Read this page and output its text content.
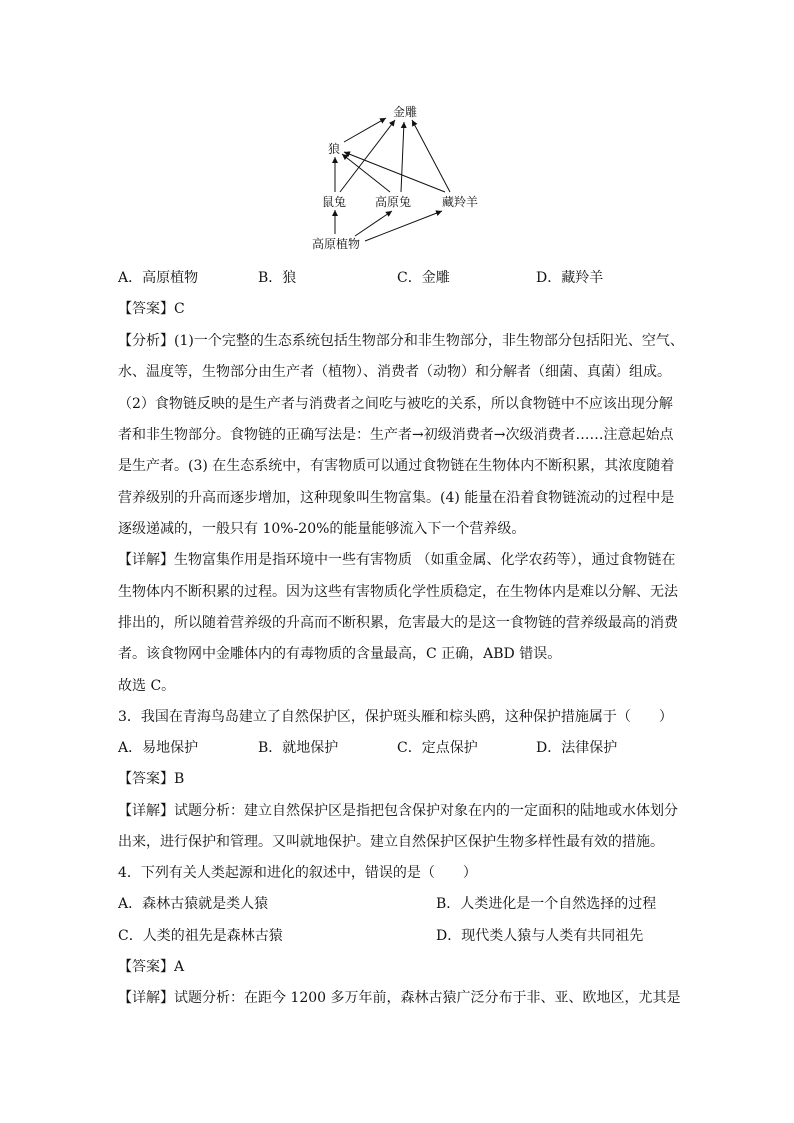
金雕
狼
鼠兔 高原兔	藏羚羊
高原植物
A．高原植物	B．狼	C．金雕	D．藏羚羊
【答案】C
【分析】(1)一个完整的生态系统包括生物部分和非生物部分，非生物部分包括阳光、空气、
水、温度等，生物部分由生产者（植物）、消费者（动物）和分解者（细菌、真菌）组成。
（2）食物链反映的是生产者与消费者之间吃与被吃的关系，所以食物链中不应该出现分解
者和非生物部分。食物链的正确写法是：生产者→初级消费者→次级消费者……注意起始点
是生产者。(3) 在生态系统中，有害物质可以通过食物链在生物体内不断积累，其浓度随着
营养级别的升高而逐步增加，这种现象叫生物富集。(4) 能量在沿着食物链流动的过程中是
逐级递减的，一般只有 10%-20%的能量能够流入下一个营养级。
【详解】生物富集作用是指环境中一些有害物质 （如重金属、化学农药等），通过食物链在
生物体内不断积累的过程。因为这些有害物质化学性质稳定，在生物体内是难以分解、无法
排出的，所以随着营养级的升高而不断积累，危害最大的是这一食物链的营养级最高的消费
者。该食物网中金雕体内的有毒物质的含量最高，C 正确，ABD 错误。
故选 C。
3．我国在青海鸟岛建立了自然保护区，保护斑头雁和棕头鸥，这种保护措施属于（　　）
A．易地保护	B．就地保护	C．定点保护	D．法律保护
【答案】B
【详解】试题分析：建立自然保护区是指把包含保护对象在内的一定面积的陆地或水体划分
出来，进行保护和管理。又叫就地保护。建立自然保护区保护生物多样性最有效的措施。
4．下列有关人类起源和进化的叙述中，错误的是（　　）
A．森林古猿就是类人猿	B．人类进化是一个自然选择的过程
C．人类的祖先是森林古猿	D．现代类人猿与人类有共同祖先
【答案】A
【详解】试题分析：在距今 1200 多万年前，森林古猿广泛分布于非、亚、欧地区，尤其是
